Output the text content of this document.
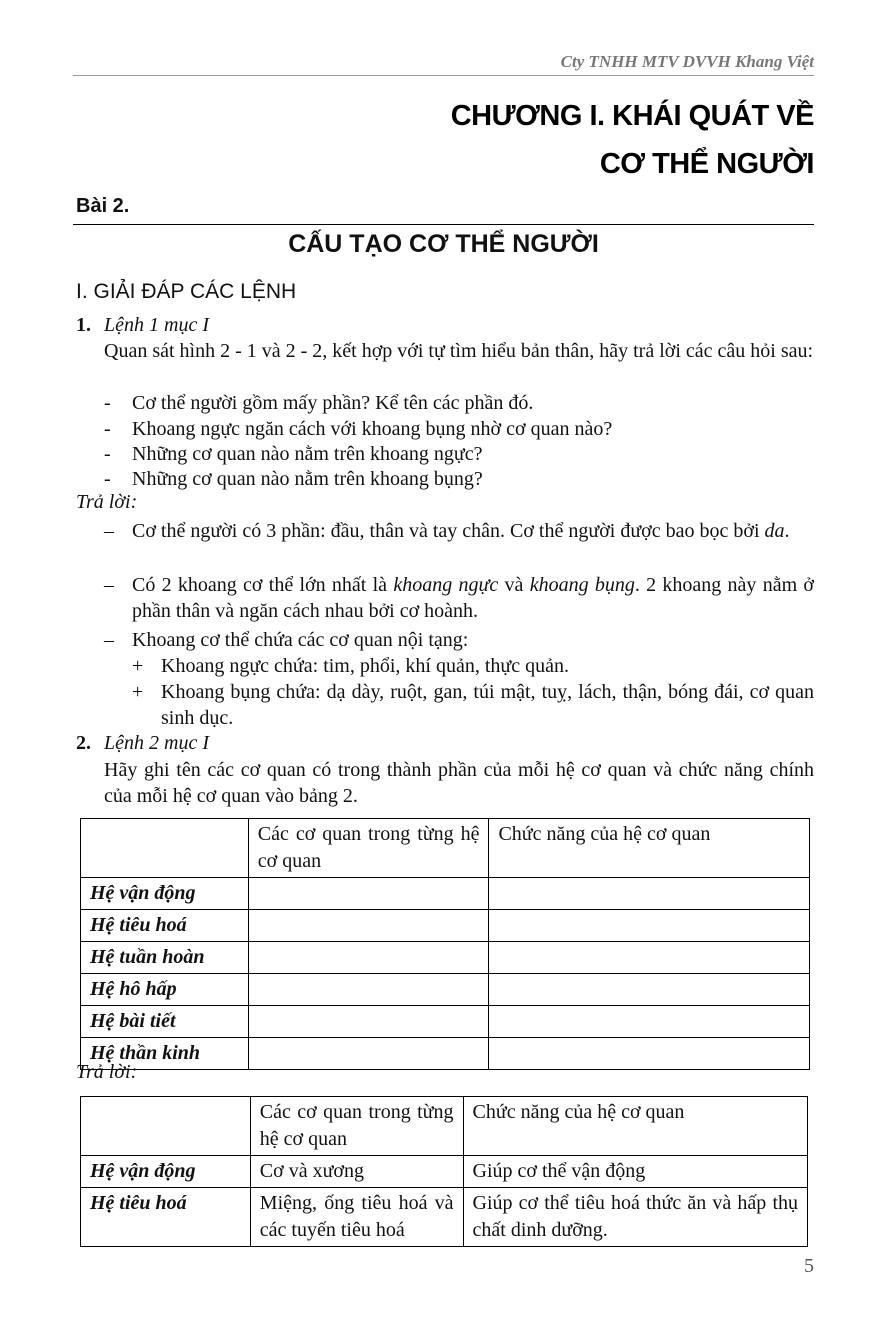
Cty TNHH MTV DVVH Khang Việt
CHƯƠNG I. KHÁI QUÁT VỀ
CƠ THỂ NGƯỜI
Bài 2.
CẤU TẠO CƠ THỂ NGƯỜI
I. GIẢI ĐÁP CÁC LỆNH
1. Lệnh 1 mục I
Quan sát hình 2 - 1 và 2 - 2, kết hợp với tự tìm hiểu bản thân, hãy trả lời các câu hỏi sau:
- Cơ thể người gồm mấy phần? Kể tên các phần đó.
- Khoang ngực ngăn cách với khoang bụng nhờ cơ quan nào?
- Những cơ quan nào nằm trên khoang ngực?
- Những cơ quan nào nằm trên khoang bụng?
Trả lời:
– Cơ thể người có 3 phần: đầu, thân và tay chân. Cơ thể người được bao bọc bởi da.
– Có 2 khoang cơ thể lớn nhất là khoang ngực và khoang bụng. 2 khoang này nằm ở phần thân và ngăn cách nhau bởi cơ hoành.
– Khoang cơ thể chứa các cơ quan nội tạng:
+ Khoang ngực chứa: tim, phổi, khí quản, thực quản.
+ Khoang bụng chứa: dạ dày, ruột, gan, túi mật, tuỵ, lách, thận, bóng đái, cơ quan sinh dục.
2. Lệnh 2 mục I
Hãy ghi tên các cơ quan có trong thành phần của mỗi hệ cơ quan và chức năng chính của mỗi hệ cơ quan vào bảng 2.
	Các cơ quan trong từng hệ cơ quan	Chức năng của hệ cơ quan
Hệ vận động		
Hệ tiêu hoá		
Hệ tuần hoàn		
Hệ hô hấp		
Hệ bài tiết		
Hệ thần kinh		
Trả lời:
	Các cơ quan trong từng hệ cơ quan	Chức năng của hệ cơ quan
Hệ vận động	Cơ và xương	Giúp cơ thể vận động
Hệ tiêu hoá	Miệng, ống tiêu hoá và các tuyến tiêu hoá	Giúp cơ thể tiêu hoá thức ăn và hấp thụ chất dinh dưỡng.
5
